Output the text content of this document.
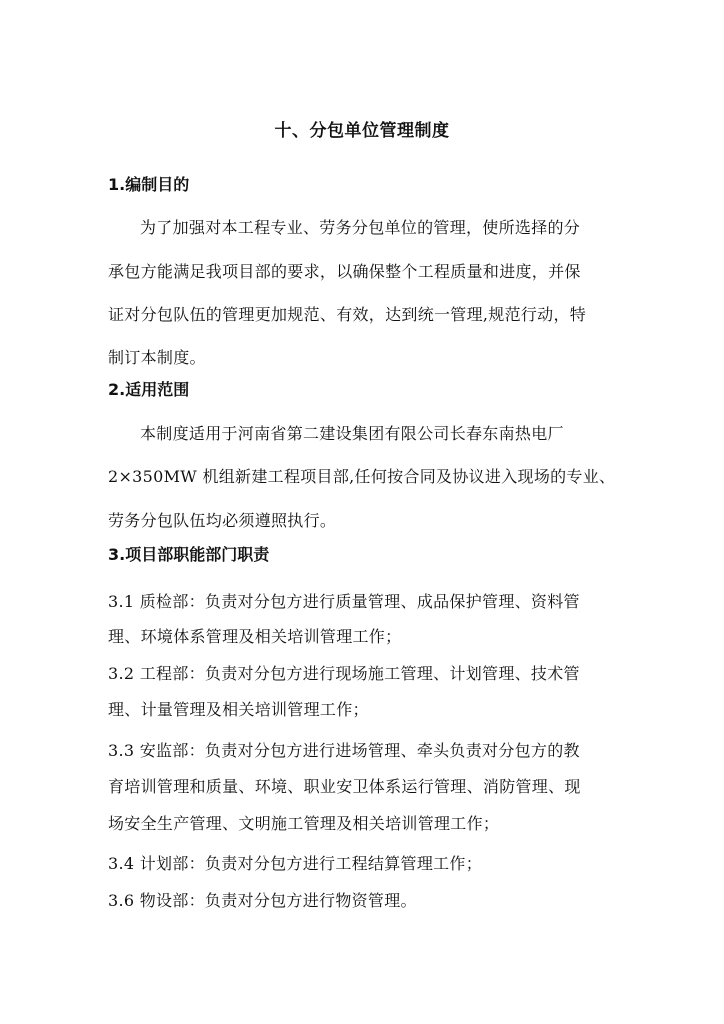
十、分包单位管理制度
1.编制目的
为了加强对本工程专业、劳务分包单位的管理，使所选择的分
承包方能满足我项目部的要求，以确保整个工程质量和进度，并保
证对分包队伍的管理更加规范、有效，达到统一管理,规范行动，特
制订本制度。
2.适用范围
本制度适用于河南省第二建设集团有限公司长春东南热电厂
2×350MW 机组新建工程项目部,任何按合同及协议进入现场的专业、
劳务分包队伍均必须遵照执行。
3.项目部职能部门职责
3.1 质检部：负责对分包方进行质量管理、成品保护管理、资料管
理、环境体系管理及相关培训管理工作；
3.2 工程部：负责对分包方进行现场施工管理、计划管理、技术管
理、计量管理及相关培训管理工作；
3.3 安监部：负责对分包方进行进场管理、牵头负责对分包方的教
育培训管理和质量、环境、职业安卫体系运行管理、消防管理、现
场安全生产管理、文明施工管理及相关培训管理工作；
3.4 计划部：负责对分包方进行工程结算管理工作；
3.6 物设部：负责对分包方进行物资管理。
